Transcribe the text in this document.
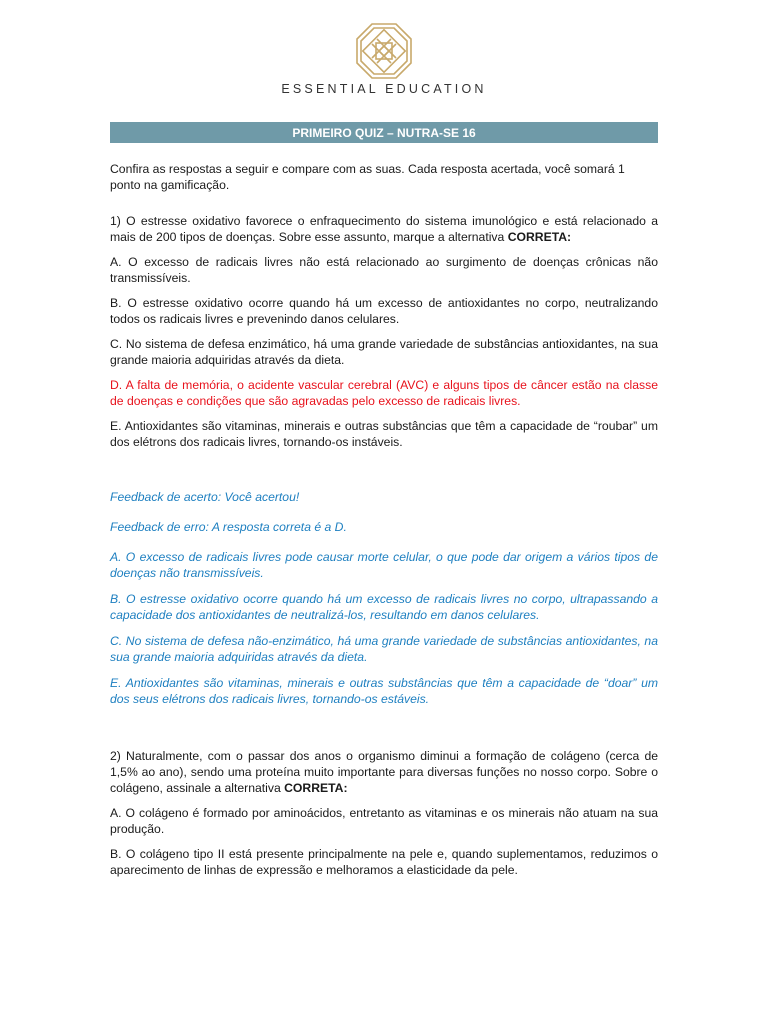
ESSENTIAL EDUCATION
PRIMEIRO QUIZ – NUTRA-SE 16

Confira as respostas a seguir e compare com as suas. Cada resposta acertada, você somará 1 ponto na gamificação.

1) O estresse oxidativo favorece o enfraquecimento do sistema imunológico e está relacionado a mais de 200 tipos de doenças. Sobre esse assunto, marque a alternativa CORRETA:

A. O excesso de radicais livres não está relacionado ao surgimento de doenças crônicas não transmissíveis.

B. O estresse oxidativo ocorre quando há um excesso de antioxidantes no corpo, neutralizando todos os radicais livres e prevenindo danos celulares.

C. No sistema de defesa enzimático, há uma grande variedade de substâncias antioxidantes, na sua grande maioria adquiridas através da dieta.

D. A falta de memória, o acidente vascular cerebral (AVC) e alguns tipos de câncer estão na classe de doenças e condições que são agravadas pelo excesso de radicais livres.

E. Antioxidantes são vitaminas, minerais e outras substâncias que têm a capacidade de “roubar” um dos elétrons dos radicais livres, tornando-os instáveis.

Feedback de acerto: Você acertou!

Feedback de erro: A resposta correta é a D.

A. O excesso de radicais livres pode causar morte celular, o que pode dar origem a vários tipos de doenças não transmissíveis.

B. O estresse oxidativo ocorre quando há um excesso de radicais livres no corpo, ultrapassando a capacidade dos antioxidantes de neutralizá-los, resultando em danos celulares.

C. No sistema de defesa não-enzimático, há uma grande variedade de substâncias antioxidantes, na sua grande maioria adquiridas através da dieta.

E. Antioxidantes são vitaminas, minerais e outras substâncias que têm a capacidade de “doar” um dos seus elétrons dos radicais livres, tornando-os estáveis.

2) Naturalmente, com o passar dos anos o organismo diminui a formação de colágeno (cerca de 1,5% ao ano), sendo uma proteína muito importante para diversas funções no nosso corpo. Sobre o colágeno, assinale a alternativa CORRETA:

A. O colágeno é formado por aminoácidos, entretanto as vitaminas e os minerais não atuam na sua produção.

B. O colágeno tipo II está presente principalmente na pele e, quando suplementamos, reduzimos o aparecimento de linhas de expressão e melhoramos a elasticidade da pele.
